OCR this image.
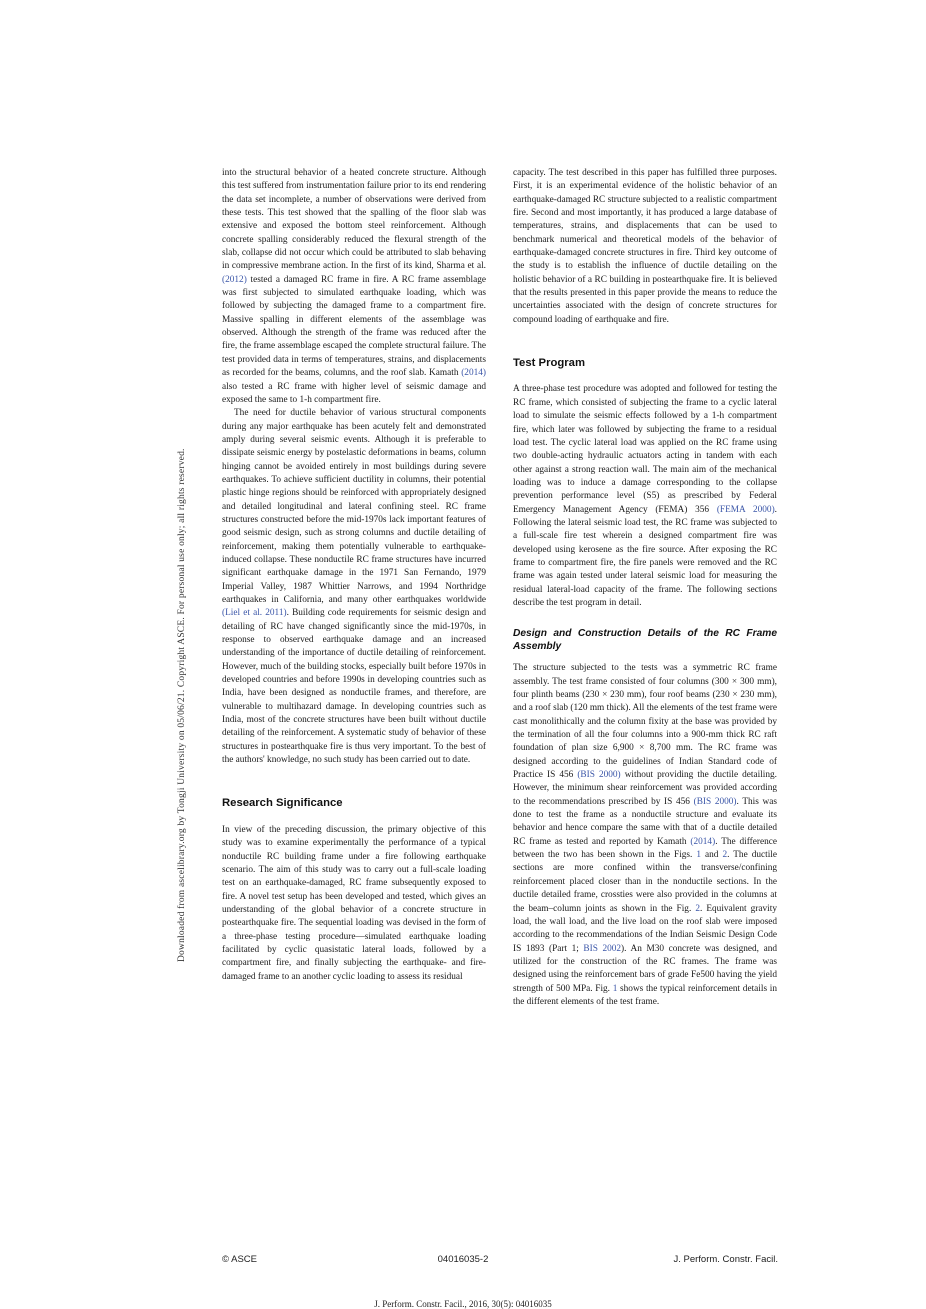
Downloaded from ascelibrary.org by Tongji University on 05/06/21. Copyright ASCE. For personal use only; all rights reserved.

into the structural behavior of a heated concrete structure. Although this test suffered from instrumentation failure prior to its end rendering the data set incomplete, a number of observations were derived from these tests. This test showed that the spalling of the floor slab was extensive and exposed the bottom steel reinforcement. Although concrete spalling considerably reduced the flexural strength of the slab, collapse did not occur which could be attributed to slab behaving in compressive membrane action. In the first of its kind, Sharma et al. (2012) tested a damaged RC frame in fire. A RC frame assemblage was first subjected to simulated earthquake loading, which was followed by subjecting the damaged frame to a compartment fire. Massive spalling in different elements of the assemblage was observed. Although the strength of the frame was reduced after the fire, the frame assemblage escaped the complete structural failure. The test provided data in terms of temperatures, strains, and displacements as recorded for the beams, columns, and the roof slab. Kamath (2014) also tested a RC frame with higher level of seismic damage and exposed the same to 1-h compartment fire.

The need for ductile behavior of various structural components during any major earthquake has been acutely felt and demonstrated amply during several seismic events. Although it is preferable to dissipate seismic energy by postelastic deformations in beams, column hinging cannot be avoided entirely in most buildings during severe earthquakes. To achieve sufficient ductility in columns, their potential plastic hinge regions should be reinforced with appropriately designed and detailed longitudinal and lateral confining steel. RC frame structures constructed before the mid-1970s lack important features of good seismic design, such as strong columns and ductile detailing of reinforcement, making them potentially vulnerable to earthquake-induced collapse. These nonductile RC frame structures have incurred significant earthquake damage in the 1971 San Fernando, 1979 Imperial Valley, 1987 Whittier Narrows, and 1994 Northridge earthquakes in California, and many other earthquakes worldwide (Liel et al. 2011). Building code requirements for seismic design and detailing of RC have changed significantly since the mid-1970s, in response to observed earthquake damage and an increased understanding of the importance of ductile detailing of reinforcement. However, much of the building stocks, especially built before 1970s in developed countries and before 1990s in developing countries such as India, have been designed as nonductile frames, and therefore, are vulnerable to multihazard damage. In developing countries such as India, most of the concrete structures have been built without ductile detailing of the reinforcement. A systematic study of behavior of these structures in postearthquake fire is thus very important. To the best of the authors' knowledge, no such study has been carried out to date.

Research Significance

In view of the preceding discussion, the primary objective of this study was to examine experimentally the performance of a typical nonductile RC building frame under a fire following earthquake scenario. The aim of this study was to carry out a full-scale loading test on an earthquake-damaged, RC frame subsequently exposed to fire. A novel test setup has been developed and tested, which gives an understanding of the global behavior of a concrete structure in postearthquake fire. The sequential loading was devised in the form of a three-phase testing procedure—simulated earthquake loading facilitated by cyclic quasistatic lateral loads, followed by a compartment fire, and finally subjecting the earthquake- and fire-damaged frame to an another cyclic loading to assess its residual

capacity. The test described in this paper has fulfilled three purposes. First, it is an experimental evidence of the holistic behavior of an earthquake-damaged RC structure subjected to a realistic compartment fire. Second and most importantly, it has produced a large database of temperatures, strains, and displacements that can be used to benchmark numerical and theoretical models of the behavior of earthquake-damaged concrete structures in fire. Third key outcome of the study is to establish the influence of ductile detailing on the holistic behavior of a RC building in postearthquake fire. It is believed that the results presented in this paper provide the means to reduce the uncertainties associated with the design of concrete structures for compound loading of earthquake and fire.

Test Program

A three-phase test procedure was adopted and followed for testing the RC frame, which consisted of subjecting the frame to a cyclic lateral load to simulate the seismic effects followed by a 1-h compartment fire, which later was followed by subjecting the frame to a residual load test. The cyclic lateral load was applied on the RC frame using two double-acting hydraulic actuators acting in tandem with each other against a strong reaction wall. The main aim of the mechanical loading was to induce a damage corresponding to the collapse prevention performance level (S5) as prescribed by Federal Emergency Management Agency (FEMA) 356 (FEMA 2000). Following the lateral seismic load test, the RC frame was subjected to a full-scale fire test wherein a designed compartment fire was developed using kerosene as the fire source. After exposing the RC frame to compartment fire, the fire panels were removed and the RC frame was again tested under lateral seismic load for measuring the residual lateral-load capacity of the frame. The following sections describe the test program in detail.

Design and Construction Details of the RC Frame Assembly

The structure subjected to the tests was a symmetric RC frame assembly. The test frame consisted of four columns (300 × 300 mm), four plinth beams (230 × 230 mm), four roof beams (230 × 230 mm), and a roof slab (120 mm thick). All the elements of the test frame were cast monolithically and the column fixity at the base was provided by the termination of all the four columns into a 900-mm thick RC raft foundation of plan size 6,900 × 8,700 mm. The RC frame was designed according to the guidelines of Indian Standard code of Practice IS 456 (BIS 2000) without providing the ductile detailing. However, the minimum shear reinforcement was provided according to the recommendations prescribed by IS 456 (BIS 2000). This was done to test the frame as a nonductile structure and evaluate its behavior and hence compare the same with that of a ductile detailed RC frame as tested and reported by Kamath (2014). The difference between the two has been shown in the Figs. 1 and 2. The ductile sections are more confined within the transverse/confining reinforcement placed closer than in the nonductile sections. In the ductile detailed frame, crossties were also provided in the columns at the beam–column joints as shown in the Fig. 2. Equivalent gravity load, the wall load, and the live load on the roof slab were imposed according to the recommendations of the Indian Seismic Design Code IS 1893 (Part 1; BIS 2002). An M30 concrete was designed, and utilized for the construction of the RC frames. The frame was designed using the reinforcement bars of grade Fe500 having the yield strength of 500 MPa. Fig. 1 shows the typical reinforcement details in the different elements of the test frame.

© ASCE	04016035-2	J. Perform. Constr. Facil.
J. Perform. Constr. Facil., 2016, 30(5): 04016035
